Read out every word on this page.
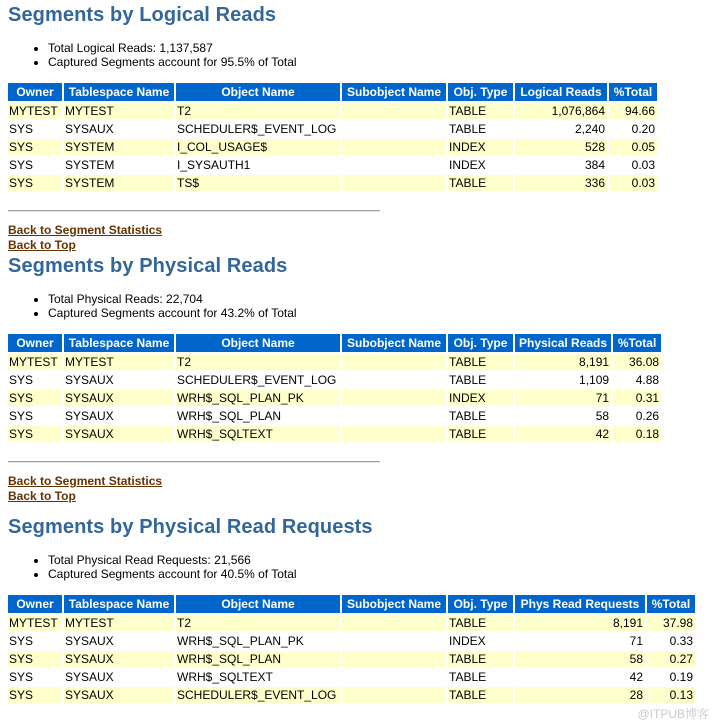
Segments by Logical Reads
• Total Logical Reads: 1,137,587
• Captured Segments account for 95.5% of Total
Owner	Tablespace Name	Object Name	Subobject Name	Obj. Type	Logical Reads	%Total
MYTEST	MYTEST	T2		TABLE	1,076,864	94.66
SYS	SYSAUX	SCHEDULER$_EVENT_LOG		TABLE	2,240	0.20
SYS	SYSTEM	I_COL_USAGE$		INDEX	528	0.05
SYS	SYSTEM	I_SYSAUTH1		INDEX	384	0.03
SYS	SYSTEM	TS$		TABLE	336	0.03
Back to Segment Statistics
Back to Top
Segments by Physical Reads
• Total Physical Reads: 22,704
• Captured Segments account for 43.2% of Total
Owner	Tablespace Name	Object Name	Subobject Name	Obj. Type	Physical Reads	%Total
MYTEST	MYTEST	T2		TABLE	8,191	36.08
SYS	SYSAUX	SCHEDULER$_EVENT_LOG		TABLE	1,109	4.88
SYS	SYSAUX	WRH$_SQL_PLAN_PK		INDEX	71	0.31
SYS	SYSAUX	WRH$_SQL_PLAN		TABLE	58	0.26
SYS	SYSAUX	WRH$_SQLTEXT		TABLE	42	0.18
Back to Segment Statistics
Back to Top
Segments by Physical Read Requests
• Total Physical Read Requests: 21,566
• Captured Segments account for 40.5% of Total
Owner	Tablespace Name	Object Name	Subobject Name	Obj. Type	Phys Read Requests	%Total
MYTEST	MYTEST	T2		TABLE	8,191	37.98
SYS	SYSAUX	WRH$_SQL_PLAN_PK		INDEX	71	0.33
SYS	SYSAUX	WRH$_SQL_PLAN		TABLE	58	0.27
SYS	SYSAUX	WRH$_SQLTEXT		TABLE	42	0.19
SYS	SYSAUX	SCHEDULER$_EVENT_LOG		TABLE	28	0.13
@ITPUB博客
